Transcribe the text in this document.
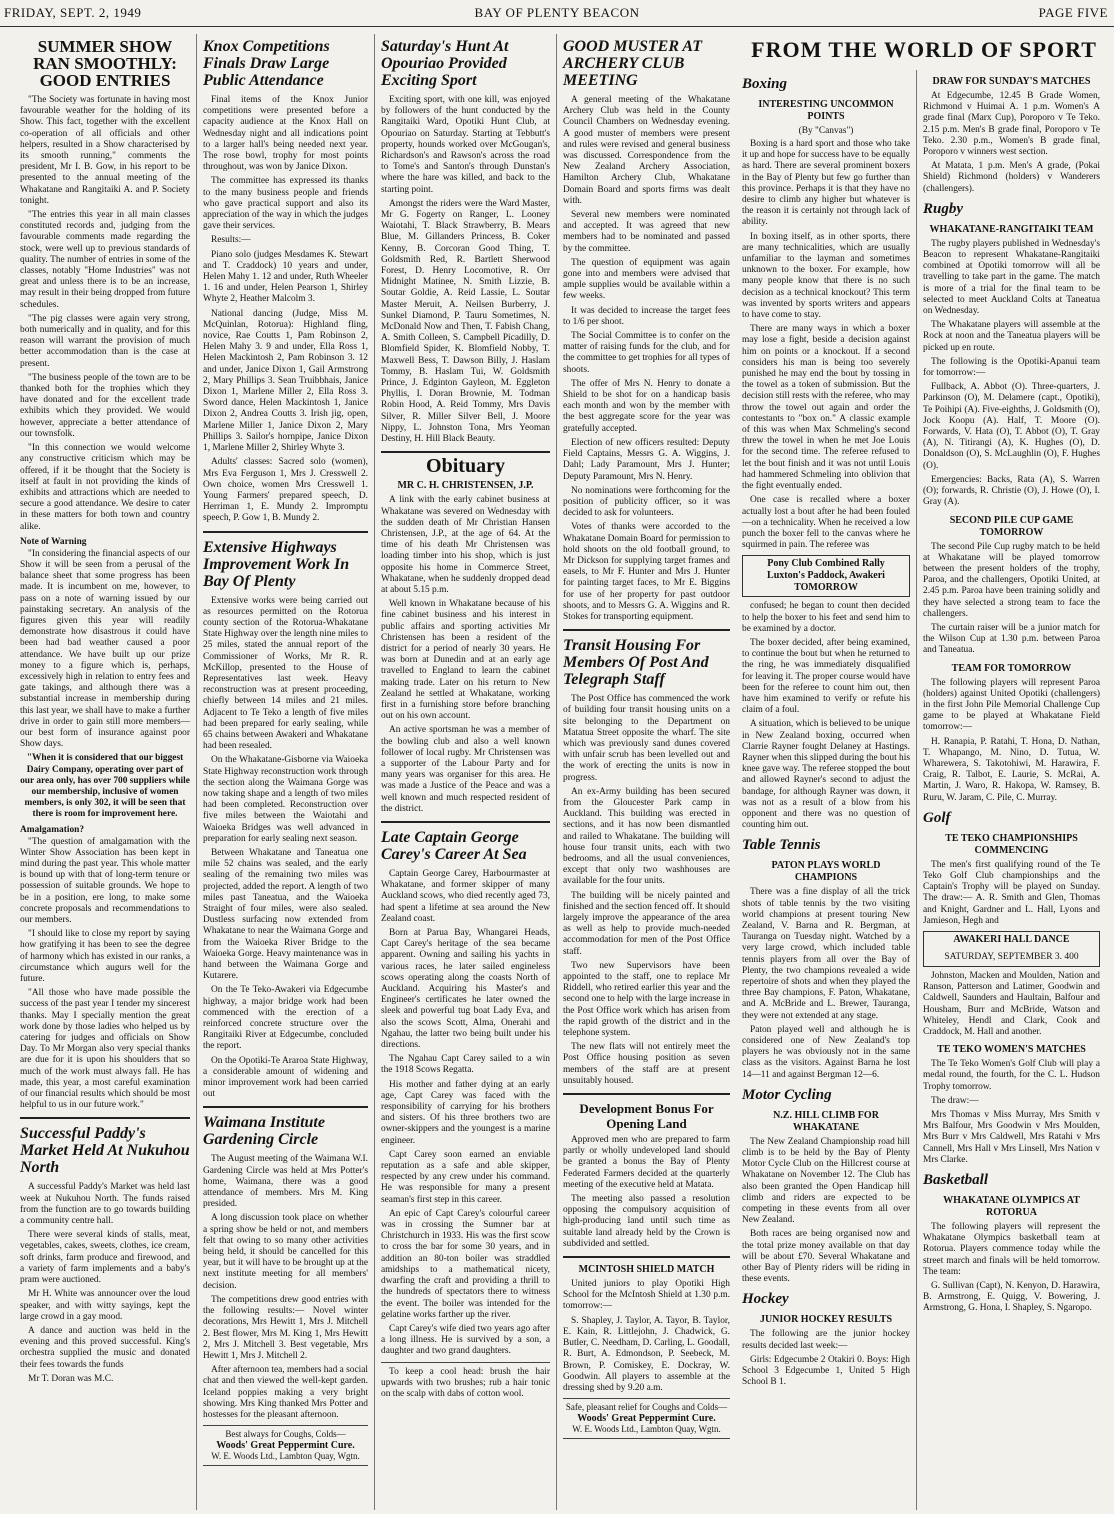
FRIDAY, SEPT. 2, 1949	BAY OF PLENTY BEACON	PAGE FIVE
SUMMER SHOW RAN SMOOTHLY: GOOD ENTRIES

"The Society was fortunate in having most favourable weather for the holding of its Show. This fact, together with the excellent co-operation of all officials and other helpers, resulted in a Show characterised by its smooth running," comments the president, Mr I. B. Gow, in his report to be presented to the annual meeting of the Whakatane and Rangitaiki A. and P. Society tonight.

"The entries this year in all main classes constituted records and, judging from the favourable comments made regarding the stock, were well up to previous standards of quality. The number of entries in some of the classes, notably "Home Industries" was not great and unless there is to be an increase, may result in their being dropped from future schedules.

"The pig classes were again very strong, both numerically and in quality, and for this reason will warrant the provision of much better accommodation than is the case at present.

"The business people of the town are to be thanked both for the trophies which they have donated and for the excellent trade exhibits which they provided. We would however, appreciate a better attendance of our townsfolk.

"In this connection we would welcome any constructive criticism which may be offered, if it be thought that the Society is itself at fault in not providing the kinds of exhibits and attractions which are needed to secure a good attendance. We desire to cater in these matters for both town and country alike.

Note of Warning

"In considering the financial aspects of our Show it will be seen from a perusal of the balance sheet that some progress has been made. It is incumbent on me, however, to pass on a note of warning issued by our painstaking secretary. An analysis of the figures given this year will readily demonstrate how disastrous it could have been had bad weather caused a poor attendance. We have built up our prize money to a figure which is, perhaps, excessively high in relation to entry fees and gate takings, and although there was a substantial increase in membership during this last year, we shall have to make a further drive in order to gain still more members—our best form of insurance against poor Show days.

"When it is considered that our biggest Dairy Company, operating over part of our area only, has over 700 suppliers while our membership, inclusive of women members, is only 302, it will be seen that there is room for improvement here.

Amalgamation?

"The question of amalgamation with the Winter Show Association has been kept in mind during the past year. This whole matter is bound up with that of long-term tenure or possession of suitable grounds. We hope to be in a position, ere long, to make some concrete proposals and recommendations to our members.

"I should like to close my report by saying how gratifying it has been to see the degree of harmony which has existed in our ranks, a circumstance which augurs well for the future.

"All those who have made possible the success of the past year I tender my sincerest thanks. May I specially mention the great work done by those ladies who helped us by catering for judges and officials on Show Day. To Mr Morgan also very special thanks are due for it is upon his shoulders that so much of the work must always fall. He has made, this year, a most careful examination of our financial results which should be most helpful to us in our future work."

Successful Paddy's Market Held At Nukuhou North

A successful Paddy's Market was held last week at Nukuhou North. The funds raised from the function are to go towards building a community centre hall.

There were several kinds of stalls, meat, vegetables, cakes, sweets, clothes, ice cream, soft drinks, farm produce and firewood, and a variety of farm implements and a baby's pram were auctioned.

Mr H. White was announcer over the loud speaker, and with witty sayings, kept the large crowd in a gay mood.

A dance and auction was held in the evening and this proved successful. King's orchestra supplied the music and donated their fees towards the funds

Mr T. Doran was M.C.

Knox Competitions Finals Draw Large Public Attendance

Final items of the Knox Junior competitions were presented before a capacity audience at the Knox Hall on Wednesday night and all indications point to a larger hall's being needed next year. The rose bowl, trophy for most points throughout, was won by Janice Dixon.

The committee has expressed its thanks to the many business people and friends who gave practical support and also its appreciation of the way in which the judges gave their services.

Results:—

Piano solo (judges Mesdames K. Stewart and T. Craddock) 10 years and under, Helen Mahy 1. 12 and under, Ruth Wheeler 1. 16 and under, Helen Pearson 1, Shirley Whyte 2, Heather Malcolm 3.

National dancing (Judge, Miss M. McQuinlan, Rotorua): Highland fling, novice, Rae Coutts 1, Pam Robinson 2, Helen Mahy 3. 9 and under, Ella Ross 1, Helen Mackintosh 2, Pam Robinson 3. 12 and under, Janice Dixon 1, Gail Armstrong 2, Mary Phillips 3. Sean Truibbhais, Janice Dixon 1, Marlene Miller 2, Ella Ross 3. Sword dance, Helen Mackintosh 1, Janice Dixon 2, Andrea Coutts 3. Irish jig, open, Marlene Miller 1, Janice Dixon 2, Mary Phillips 3. Sailor's hornpipe, Janice Dixon 1, Marlene Miller 2, Shirley Whyte 3.

Adults' classes: Sacred solo (women), Mrs Eva Ferguson 1, Mrs J. Cresswell 2. Own choice, women Mrs Cresswell 1. Young Farmers' prepared speech, D. Herriman 1, E. Mundy 2. Impromptu speech, P. Gow 1, B. Mundy 2.

Extensive Highways Improvement Work In Bay Of Plenty

Extensive works were being carried out as resources permitted on the Rotorua county section of the Rotorua-Whakatane State Highway over the length nine miles to 25 miles, stated the annual report of the Commissioner of Works, Mr R. R. McKillop, presented to the House of Representatives last week. Heavy reconstruction was at present proceeding, chiefly between 14 miles and 21 miles. Adjacent to Te Teko a length of five miles had been prepared for early sealing, while 65 chains between Awakeri and Whakatane had been resealed.

On the Whakatane-Gisborne via Waioeka State Highway reconstruction work through the section along the Waimana Gorge was now taking shape and a length of two miles had been completed. Reconstruction over five miles between the Waiotahi and Waioeka Bridges was well advanced in preparation for early sealing next season.

Between Whakatane and Taneatua one mile 52 chains was sealed, and the early sealing of the remaining two miles was projected, added the report. A length of two miles past Taneatua, and the Waioeka Straight of four miles, were also sealed. Dustless surfacing now extended from Whakatane to near the Waimana Gorge and from the Waioeka River Bridge to the Waioeka Gorge. Heavy maintenance was in hand between the Waimana Gorge and Kutarere.

On the Te Teko-Awakeri via Edgecumbe highway, a major bridge work had been commenced with the erection of a reinforced concrete structure over the Rangitaiki River at Edgecumbe, concluded the report.

On the Opotiki-Te Araroa State Highway, a considerable amount of widening and minor improvement work had been carried out

Waimana Institute Gardening Circle

The August meeting of the Waimana W.I. Gardening Circle was held at Mrs Potter's home, Waimana, there was a good attendance of members. Mrs M. King presided.

A long discussion took place on whether a spring show be held or not, and members felt that owing to so many other activities being held, it should be cancelled for this year, but it will have to be brought up at the next institute meeting for all members' decision.

The competitions drew good entries with the following results:— Novel winter decorations, Mrs Hewitt 1, Mrs J. Mitchell 2. Best flower, Mrs M. King 1, Mrs Hewitt 2, Mrs J. Mitchell 3. Best vegetable, Mrs Hewitt 1, Mrs J. Mitchell 2.

After afternoon tea, members had a social chat and then viewed the well-kept garden. Iceland poppies making a very bright showing. Mrs King thanked Mrs Potter and hostesses for the pleasant afternoon.

Best always for Coughs, Colds—
Woods' Great Peppermint Cure.
W. E. Woods Ltd., Lambton Quay, Wgtn.
Saturday's Hunt At Opouriao Provided Exciting Sport

Exciting sport, with one kill, was enjoyed by followers of the hunt conducted by the Rangitaiki Ward, Opotiki Hunt Club, at Opouriao on Saturday. Starting at Tebbutt's property, hounds worked over McGougan's, Richardson's and Rawson's across the road to Tome's and Santon's through Dunstan's where the hare was killed, and back to the starting point.

Amongst the riders were the Ward Master, Mr G. Fogerty on Ranger, L. Looney Waiotahi, T. Black Strawberry, B. Mears Blue, M. Gillanders Princess, B. Coker Kenny, B. Corcoran Good Thing, T. Goldsmith Red, R. Bartlett Sherwood Forest, D. Henry Locomotive, R. Orr Midnight Matinee, N. Smith Lizzie, B. Soutar Goldie, A. Reid Lassie, L. Soutar Master Meruit, A. Neilsen Burberry, J. Sunkel Diamond, P. Tauru Sometimes, N. McDonald Now and Then, T. Fabish Chang, A. Smith Colleen, S. Campbell Picadilly, D. Blomfield Spider, K. Blomfield Nobby, T. Maxwell Bess, T. Dawson Billy, J. Haslam Tommy, B. Haslam Tui, W. Goldsmith Prince, J. Edginton Gayleon, M. Eggleton Phyllis, I. Doran Brownie, M. Todman Robin Hood, A. Reid Tommy, Mrs Davis Silver, R. Miller Silver Bell, J. Moore Nippy, L. Johnston Tona, Mrs Yeoman Destiny, H. Hill Black Beauty.

Obituary
MR C. H. CHRISTENSEN, J.P.

A link with the early cabinet business at Whakatane was severed on Wednesday with the sudden death of Mr Christian Hansen Christensen, J.P., at the age of 64. At the time of his death Mr Christensen was loading timber into his shop, which is just opposite his home in Commerce Street, Whakatane, when he suddenly dropped dead at about 5.15 p.m.

Well known in Whakatane because of his fine cabinet business and his interest in public affairs and sporting activities Mr Christensen has been a resident of the district for a period of nearly 30 years. He was born at Dunedin and at an early age travelled to England to learn the cabinet making trade. Later on his return to New Zealand he settled at Whakatane, working first in a furnishing store before branching out on his own account.

An active sportsman he was a member of the bowling club and also a well known follower of local rugby. Mr Christensen was a supporter of the Labour Party and for many years was organiser for this area. He was made a Justice of the Peace and was a well known and much respected resident of the district.

Late Captain George Carey's Career At Sea

Captain George Carey, Harbourmaster at Whakatane, and former skipper of many Auckland scows, who died recently aged 73, had spent a lifetime at sea around the New Zealand coast.

Born at Parua Bay, Whangarei Heads, Capt Carey's heritage of the sea became apparent. Owning and sailing his yachts in various races, he later sailed engineless scows operating along the coasts North of Auckland. Acquiring his Master's and Engineer's certificates he later owned the sleek and powerful tug boat Lady Eva, and also the scows Scott, Alma, Onerahi and Ngahau, the latter two being built under his directions.

The Ngahau Capt Carey sailed to a win the 1918 Scows Regatta.

His mother and father dying at an early age, Capt Carey was faced with the responsibility of carrying for his brothers and sisters. Of his three brothers two are owner-skippers and the youngest is a marine engineer.

Capt Carey soon earned an enviable reputation as a safe and able skipper, respected by any crew under his command. He was responsible for many a present seaman's first step in this career.

An epic of Capt Carey's colourful career was in crossing the Sumner bar at Christchurch in 1933. His was the first scow to cross the bar for some 30 years, and in addition an 80-ton boiler was straddled amidships to a mathematical nicety, dwarfing the craft and providing a thrill to the hundreds of spectators there to witness the event. The boiler was intended for the gelatine works farther up the river.

Capt Carey's wife died two years ago after a long illness. He is survived by a son, a daughter and two grand daughters.

To keep a cool head: brush the hair upwards with two brushes; rub a hair tonic on the scalp with dabs of cotton wool.

GOOD MUSTER AT ARCHERY CLUB MEETING

A general meeting of the Whakatane Archery Club was held in the County Council Chambers on Wednesday evening. A good muster of members were present and rules were revised and general business was discussed. Correspondence from the New Zealand Archery Association, Hamilton Archery Club, Whakatane Domain Board and sports firms was dealt with.

Several new members were nominated and accepted. It was agreed that new members had to be nominated and passed by the committee.

The question of equipment was again gone into and members were advised that ample supplies would be available within a few weeks.

It was decided to increase the target fees to 1/6 per shoot.

The Social Committee is to confer on the matter of raising funds for the club, and for the committee to get trophies for all types of shoots.

The offer of Mrs N. Henry to donate a Shield to be shot for on a handicap basis each month and won by the member with the best aggregate score for the year was gratefully accepted.

Election of new officers resulted: Deputy Field Captains, Messrs G. A. Wiggins, J. Dahl; Lady Paramount, Mrs J. Hunter; Deputy Paramount, Mrs N. Henry.

No nominations were forthcoming for the position of publicity officer, so it was decided to ask for volunteers.

Votes of thanks were accorded to the Whakatane Domain Board for permission to hold shoots on the old football ground, to Mr Dickson for supplying target frames and easels, to Mr F. Hunter and Mrs J. Hunter for painting target faces, to Mr E. Biggins for use of her property for past outdoor shoots, and to Messrs G. A. Wiggins and R. Stokes for transporting equipment.

Transit Housing For Members Of Post And Telegraph Staff

The Post Office has commenced the work of building four transit housing units on a site belonging to the Department on Matatua Street opposite the wharf. The site which was previously sand dunes covered with unfair scrub has been levelled out and the work of erecting the units is now in progress.

An ex-Army building has been secured from the Gloucester Park camp in Auckland. This building was erected in sections, and it has now been dismantled and railed to Whakatane. The building will house four transit units, each with two bedrooms, and all the usual conveniences, except that only two washhouses are available for the four units.

The building will be nicely painted and finished and the section fenced off. It should largely improve the appearance of the area as well as help to provide much-needed accommodation for men of the Post Office staff.

Two new Supervisors have been appointed to the staff, one to replace Mr Riddell, who retired earlier this year and the second one to help with the large increase in the Post Office work which has arisen from the rapid growth of the district and in the telephone system.

The new flats will not entirely meet the Post Office housing position as seven members of the staff are at present unsuitably housed.

Development Bonus For Opening Land

Approved men who are prepared to farm partly or wholly undeveloped land should be granted a bonus the Bay of Plenty Federated Farmers decided at the quarterly meeting of the executive held at Matata.

The meeting also passed a resolution opposing the compulsory acquisition of high-producing land until such time as suitable land already held by the Crown is subdivided and settled.

MCINTOSH SHIELD MATCH

United juniors to play Opotiki High School for the McIntosh Shield at 1.30 p.m. tomorrow:—

S. Shapley, J. Taylor, A. Tayor, B. Taylor, E. Kain, R. Littlejohn, J. Chadwick, G. Butler, C. Needham, D. Carling, L. Goodall, R. Burt, A. Edmondson, P. Seebeck, M. Brown, P. Comiskey, E. Dockray, W. Goodwin. All players to assemble at the dressing shed by 9.20 a.m.

Safe, pleasant relief for Coughs and Colds—
Woods' Great Peppermint Cure.
W. E. Woods Ltd., Lambton Quay, Wgtn.
FROM THE WORLD OF SPORT
Boxing
INTERESTING UNCOMMON POINTS
(By "Canvas")

Boxing is a hard sport and those who take it up and hope for success have to be equally as hard. There are several prominent boxers in the Bay of Plenty but few go further than this province. Perhaps it is that they have no desire to climb any higher but whatever is the reason it is certainly not through lack of ability.

In boxing itself, as in other sports, there are many technicalities, which are usually unfamiliar to the layman and sometimes unknown to the boxer. For example, how many people know that there is no such decision as a technical knockout? This term was invented by sports writers and appears to have come to stay.

There are many ways in which a boxer may lose a fight, beside a decision against him on points or a knockout. If a second considers his man is being too severely punished he may end the bout by tossing in the towel as a token of submission. But the decision still rests with the referee, who may throw the towel out again and order the contestants to "box on." A classic example of this was when Max Schmeling's second threw the towel in when he met Joe Louis for the second time. The referee refused to let the bout finish and it was not until Louis had hammered Schmeling into oblivion that the fight eventually ended.

One case is recalled where a boxer actually lost a bout after he had been fouled—on a technicality. When he received a low punch the boxer fell to the canvas where he squirmed in pain. The referee was

Pony Club Combined Rally
Luxton's Paddock, Awakeri
TOMORROW

confused; he began to count then decided to help the boxer to his feet and send him to be examined by a doctor.

The boxer decided, after being examined, to continue the bout but when he returned to the ring, he was immediately disqualified for leaving it. The proper course would have been for the referee to count him out, then have him examined to verify or refute his claim of a foul.

A situation, which is believed to be unique in New Zealand boxing, occurred when Clarrie Rayner fought Delaney at Hastings. Rayner when this slipped during the bout his knee gave way. The referee stopped the bout and allowed Rayner's second to adjust the bandage, for although Rayner was down, it was not as a result of a blow from his opponent and there was no question of counting him out.

Table Tennis
PATON PLAYS WORLD CHAMPIONS

There was a fine display of all the trick shots of table tennis by the two visiting world champions at present touring New Zealand, V. Barna and R. Bergman, at Tauranga on Tuesday night. Watched by a very large crowd, which included table tennis players from all over the Bay of Plenty, the two champions revealed a wide repertoire of shots and when they played the three Bay champions, F. Paton, Whakatane, and A. McBride and L. Brewer, Tauranga, they were not extended at any stage.

Paton played well and although he is considered one of New Zealand's top players he was obviously not in the same class as the visitors. Against Barna he lost 14—11 and against Bergman 12—6.

Motor Cycling
N.Z. HILL CLIMB FOR WHAKATANE

The New Zealand Championship road hill climb is to be held by the Bay of Plenty Motor Cycle Club on the Hillcrest course at Whakatane on November 12. The Club has also been granted the Open Handicap hill climb and riders are expected to be competing in these events from all over New Zealand.

Both races are being organised now and the total prize money available on that day will be about £70. Several Whakatane and other Bay of Plenty riders will be riding in these events.

Hockey
JUNIOR HOCKEY RESULTS

The following are the junior hockey results decided last week:—

Girls: Edgecumbe 2 Otakiri 0. Boys: High School 3 Edgecumbe 1, United 5 High School B 1.

DRAW FOR SUNDAY'S MATCHES

At Edgecumbe, 12.45 B Grade Women, Richmond v Huimai A. 1 p.m. Women's A grade final (Marx Cup), Poroporo v Te Teko. 2.15 p.m. Men's B grade final, Poroporo v Te Teko. 2.30 p.m., Women's B grade final, Poroporo v winners west section.

At Matata, 1 p.m. Men's A grade, (Pokai Shield) Richmond (holders) v Wanderers (challengers).

Rugby
WHAKATANE-RANGITAIKI TEAM

The rugby players published in Wednesday's Beacon to represent Whakatane-Rangitaiki combined at Opotiki tomorrow will all be travelling to take part in the game. The match is more of a trial for the final team to be selected to meet Auckland Colts at Taneatua on Wednesday.

The Whakatane players will assemble at the Rock at noon and the Taneatua players will be picked up en route.

The following is the Opotiki-Apanui team for tomorrow:—

Fullback, A. Abbot (O). Three-quarters, J. Parkinson (O), M. Delamere (capt., Opotiki), Te Poihipi (A). Five-eighths, J. Goldsmith (O), Jock Koopu (A). Half, T. Moore (O). Forwards, V. Hata (O), T. Abbot (O), T. Gray (A), N. Titirangi (A), K. Hughes (O), D. Donaldson (O), S. McLaughlin (O), F. Hughes (O).

Emergencies: Backs, Rata (A), S. Warren (O); forwards, R. Christie (O), J. Howe (O), I. Gray (A).

SECOND PILE CUP GAME TOMORROW

The second Pile Cup rugby match to be held at Whakatane will be played tomorrow between the present holders of the trophy, Paroa, and the challengers, Opotiki United, at 2.45 p.m. Paroa have been training solidly and they have selected a strong team to face the challengers.

The curtain raiser will be a junior match for the Wilson Cup at 1.30 p.m. between Paroa and Taneatua.

TEAM FOR TOMORROW

The following players will represent Paroa (holders) against United Opotiki (challengers) in the first John Pile Memorial Challenge Cup game to be played at Whakatane Field tomorrow:—

H. Ranapia, P. Ratahi, T. Hona, D. Nathan, T. Whapango, M. Nino, D. Tutua, W. Wharewera, S. Takotohiwi, M. Harawira, F. Craig, R. Talbot, E. Laurie, S. McRai, A. Martin, J. Waro, R. Hakopa, W. Ramsey, B. Ruru, W. Jaram, C. Pile, C. Murray.

Golf
TE TEKO CHAMPIONSHIPS COMMENCING

The men's first qualifying round of the Te Teko Golf Club championships and the Captain's Trophy will be played on Sunday. The draw:— A. R. Smith and Glen, Thomas and Knight, Gardner and L. Hall, Lyons and Jamieson, Hegh and

AWAKERI HALL DANCE
SATURDAY, SEPTEMBER 3. 400

Johnston, Macken and Moulden, Nation and Ranson, Patterson and Latimer, Goodwin and Caldwell, Saunders and Haultain, Balfour and Housham, Burr and McBride, Watson and Whiteley, Hendl and Clark, Cook and Craddock, M. Hall and another.

TE TEKO WOMEN'S MATCHES

The Te Teko Women's Golf Club will play a medal round, the fourth, for the C. L. Hudson Trophy tomorrow.

The draw:—

Mrs Thomas v Miss Murray, Mrs Smith v Mrs Balfour, Mrs Goodwin v Mrs Moulden, Mrs Burr v Mrs Caldwell, Mrs Ratahi v Mrs Cannell, Mrs Hall v Mrs Linsell, Mrs Nation v Mrs Clarke.

Basketball
WHAKATANE OLYMPICS AT ROTORUA

The following players will represent the Whakatane Olympics basketball team at Rotorua. Players commence today while the street march and finals will be held tomorrow. The team:

G. Sullivan (Capt), N. Kenyon, D. Harawira, B. Armstrong, E. Quigg, V. Bowering, J. Armstrong, G. Hona, I. Shapley, S. Ngaropo.
